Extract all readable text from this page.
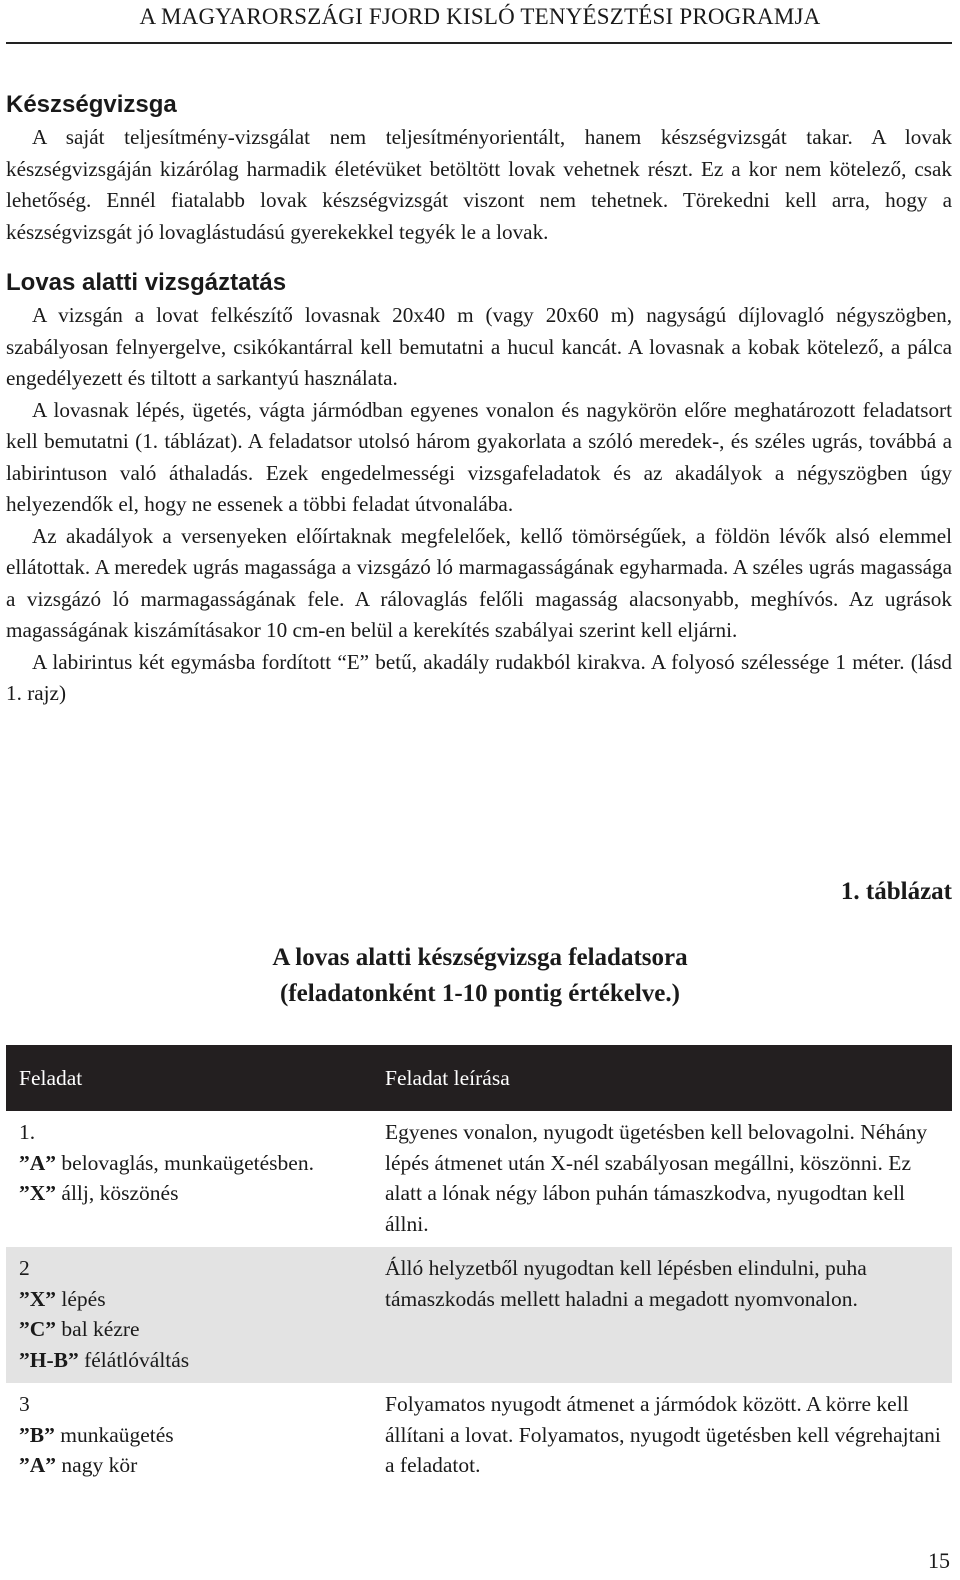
A MAGYARORSZÁGI FJORD KISLÓ TENYÉSZTÉSI PROGRAMJA
Készségvizsga

A saját teljesítmény-vizsgálat nem teljesítményorientált, hanem készségvizsgát takar. A lovak készségvizsgáján kizárólag harmadik életévüket betöltött lovak vehetnek részt. Ez a kor nem kötelező, csak lehetőség. Ennél fiatalabb lovak készségvizsgát viszont nem tehetnek. Törekedni kell arra, hogy a készségvizsgát jó lovaglástudású gyerekekkel tegyék le a lovak.

Lovas alatti vizsgáztatás

A vizsgán a lovat felkészítő lovasnak 20x40 m (vagy 20x60 m) nagyságú díjlovagló négyszögben, szabályosan felnyergelve, csikókantárral kell bemutatni a hucul kancát. A lovasnak a kobak kötelező, a pálca engedélyezett és tiltott a sarkantyú használata.

A lovasnak lépés, ügetés, vágta jármódban egyenes vonalon és nagykörön előre meghatározott feladatsort kell bemutatni (1. táblázat). A feladatsor utolsó három gyakorlata a szóló meredek-, és széles ugrás, továbbá a labirintuson való áthaladás. Ezek engedelmességi vizsgafeladatok és az akadályok a négyszögben úgy helyezendők el, hogy ne essenek a többi feladat útvonalába.

Az akadályok a versenyeken előírtaknak megfelelőek, kellő tömörségűek, a földön lévők alsó elemmel ellátottak. A meredek ugrás magassága a vizsgázó ló marmagasságának egyharmada. A széles ugrás magassága a vizsgázó ló marmagasságának fele. A rálovaglás felőli magasság alacsonyabb, meghívós. Az ugrások magasságának kiszámításakor 10 cm-en belül a kerekítés szabályai szerint kell eljárni.

A labirintus két egymásba fordított “E” betű, akadály rudakból kirakva. A folyosó szélessége 1 méter. (lásd 1. rajz)

1. táblázat
A lovas alatti készségvizsga feladatsora
(feladatonként 1-10 pontig értékelve.)
Feladat	Feladat leírása

1.
”A” belovaglás, munkaügetésben.
”X” állj, köszönés	Egyenes vonalon, nyugodt ügetésben kell belovagolni. Néhány lépés átmenet után X-nél szabályosan megállni, köszönni. Ez alatt a lónak négy lábon puhán támaszkodva, nyugodtan kell állni.

2
”X” lépés
”C” bal kézre
”H-B” félátlóváltás	Álló helyzetből nyugodtan kell lépésben elindulni, puha támaszkodás mellett haladni a megadott nyomvonalon.

3
”B” munkaügetés
”A” nagy kör	Folyamatos nyugodt átmenet a jármódok között. A körre kell állítani a lovat. Folyamatos, nyugodt ügetésben kell végrehajtani a feladatot.
15
